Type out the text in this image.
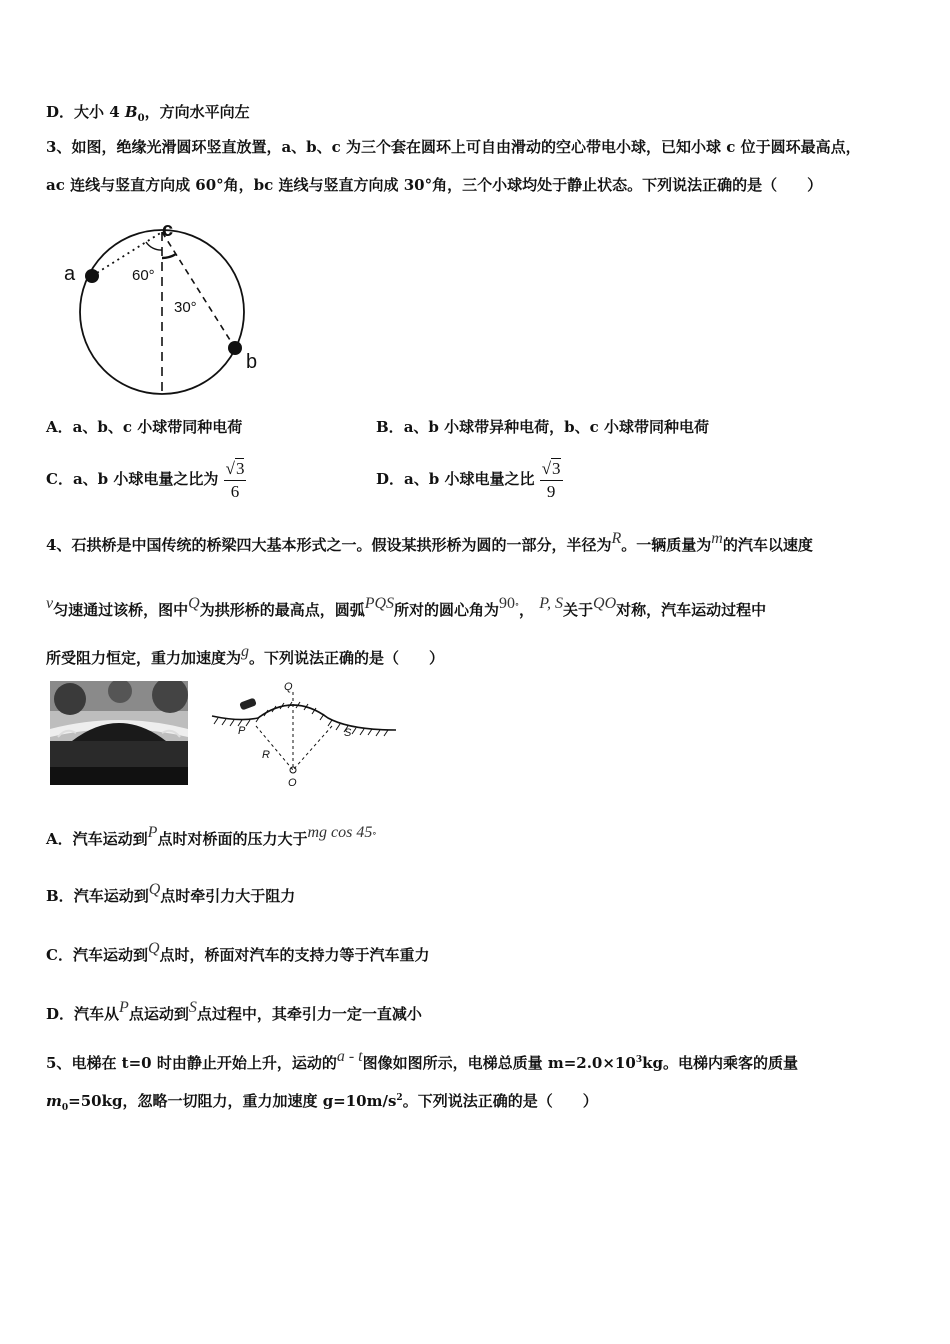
D．大小 4 $B_0$，方向水平向左
3、如图，绝缘光滑圆环竖直放置，a、b、c 为三个套在圆环上可自由滑动的空心带电小球，已知小球 c 位于圆环最高点，
ac 连线与竖直方向成 60°角，bc 连线与竖直方向成 30°角，三个小球均处于静止状态。下列说法正确的是（　　）
a
b
c
60°
30°
A．a、b、c 小球带同种电荷	B．a、b 小球带异种电荷，b、c 小球带同种电荷
C．a、b 小球电量之比为 $\frac{√3}{6}$	D．a、b 小球电量之比 $\frac{√3}{9}$
4、石拱桥是中国传统的桥梁四大基本形式之一。假设某拱形桥为圆的一部分，半径为R。一辆质量为m的汽车以速度
v匀速通过该桥，图中Q为拱形桥的最高点，圆弧PQS所对的圆心角为90°， P, S关于QO对称，汽车运动过程中
所受阻力恒定，重力加速度为g。下列说法正确的是（　　）
Q
P	S
R
O
A．汽车运动到P点时对桥面的压力大于mg cos 45°
B．汽车运动到Q点时牵引力大于阻力
C．汽车运动到Q点时，桥面对汽车的支持力等于汽车重力
D．汽车从P点运动到S点过程中，其牵引力一定一直减小
5、电梯在 t=0 时由静止开始上升，运动的a - t图像如图所示，电梯总质量 $m=2.0\times 10^3kg$。电梯内乘客的质量
$m_0=50kg$，忽略一切阻力，重力加速度 $g=10m/s^2$。下列说法正确的是（　　）
